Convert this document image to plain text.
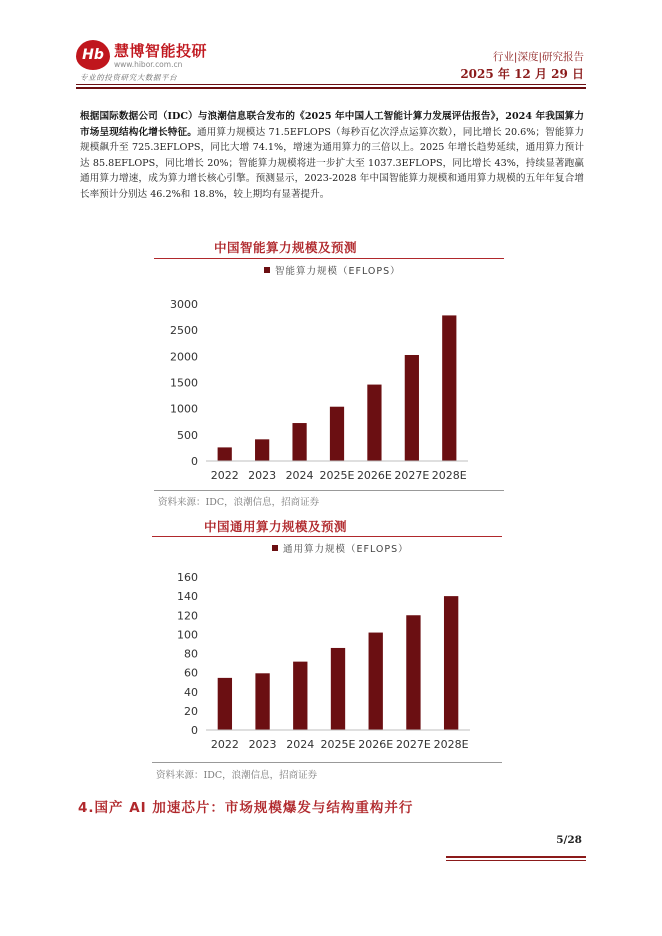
Hb 慧博智能投研
www.hibor.com.cn
专业的投资研究大数据平台
行业|深度|研究报告
2025 年 12 月 29 日
根据国际数据公司（IDC）与浪潮信息联合发布的《2025 年中国人工智能计算力发展评估报告》，2024 年我国算力市场呈现结构化增长特征。通用算力规模达 71.5EFLOPS（每秒百亿次浮点运算次数），同比增长 20.6%；智能算力规模飙升至 725.3EFLOPS，同比大增 74.1%，增速为通用算力的三倍以上。2025 年增长趋势延续，通用算力预计达 85.8EFLOPS，同比增长 20%；智能算力规模将进一步扩大至 1037.3EFLOPS，同比增长 43%，持续显著跑赢通用算力增速，成为算力增长核心引擎。预测显示，2023-2028 年中国智能算力规模和通用算力规模的五年年复合增长率预计分别达 46.2%和 18.8%，较上期均有显著提升。
中国智能算力规模及预测
智能算力规模（EFLOPS）
0
500
1000
1500
2000
2500
3000
2022 2023 2024 2025E 2026E 2027E 2028E
资料来源：IDC，浪潮信息，招商证券
中国通用算力规模及预测
通用算力规模（EFLOPS）
0
20
40
60
80
100
120
140
160
2022 2023 2024 2025E 2026E 2027E 2028E
资料来源：IDC，浪潮信息，招商证券
4.国产 AI 加速芯片：市场规模爆发与结构重构并行
5/28
